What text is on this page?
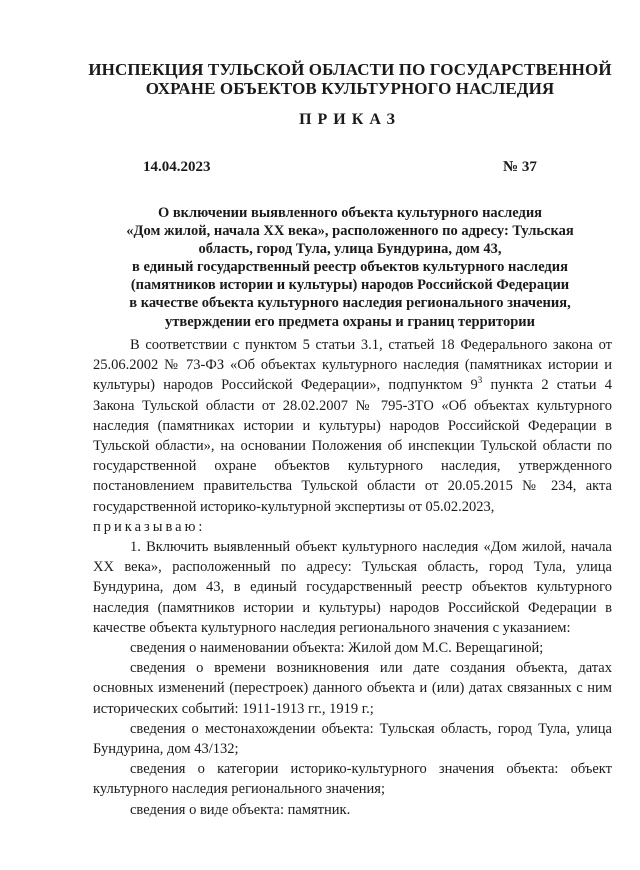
ИНСПЕКЦИЯ ТУЛЬСКОЙ ОБЛАСТИ ПО ГОСУДАРСТВЕННОЙ
ОХРАНЕ ОБЪЕКТОВ КУЛЬТУРНОГО НАСЛЕДИЯ
ПРИКАЗ
14.04.2023	№ 37
О включении выявленного объекта культурного наследия
«Дом жилой, начала XX века», расположенного по адресу: Тульская
область, город Тула, улица Бундурина, дом 43,
в единый государственный реестр объектов культурного наследия
(памятников истории и культуры) народов Российской Федерации
в качестве объекта культурного наследия регионального значения,
утверждении его предмета охраны и границ территории

В соответствии с пунктом 5 статьи 3.1, статьей 18 Федерального закона от 25.06.2002 № 73-ФЗ «Об объектах культурного наследия (памятниках истории и культуры) народов Российской Федерации», подпунктом $9^3$ пункта 2 статьи 4 Закона Тульской области от 28.02.2007 № 795-ЗТО «Об объектах культурного наследия (памятниках истории и культуры) народов Российской Федерации в Тульской области», на основании Положения об инспекции Тульской области по государственной охране объектов культурного наследия, утвержденного постановлением правительства Тульской области от 20.05.2015 № 234, акта государственной историко-культурной экспертизы от 05.02.2023,

приказываю:

1. Включить выявленный объект культурного наследия «Дом жилой, начала XX века», расположенный по адресу: Тульская область, город Тула, улица Бундурина, дом 43, в единый государственный реестр объектов культурного наследия (памятников истории и культуры) народов Российской Федерации в качестве объекта культурного наследия регионального значения с указанием:

сведения о наименовании объекта: Жилой дом М.С. Верещагиной;

сведения о времени возникновения или дате создания объекта, датах основных изменений (перестроек) данного объекта и (или) датах связанных с ним исторических событий: 1911-1913 гг., 1919 г.;

сведения о местонахождении объекта: Тульская область, город Тула, улица Бундурина, дом 43/132;

сведения о категории историко-культурного значения объекта: объект культурного наследия регионального значения;

сведения о виде объекта: памятник.
